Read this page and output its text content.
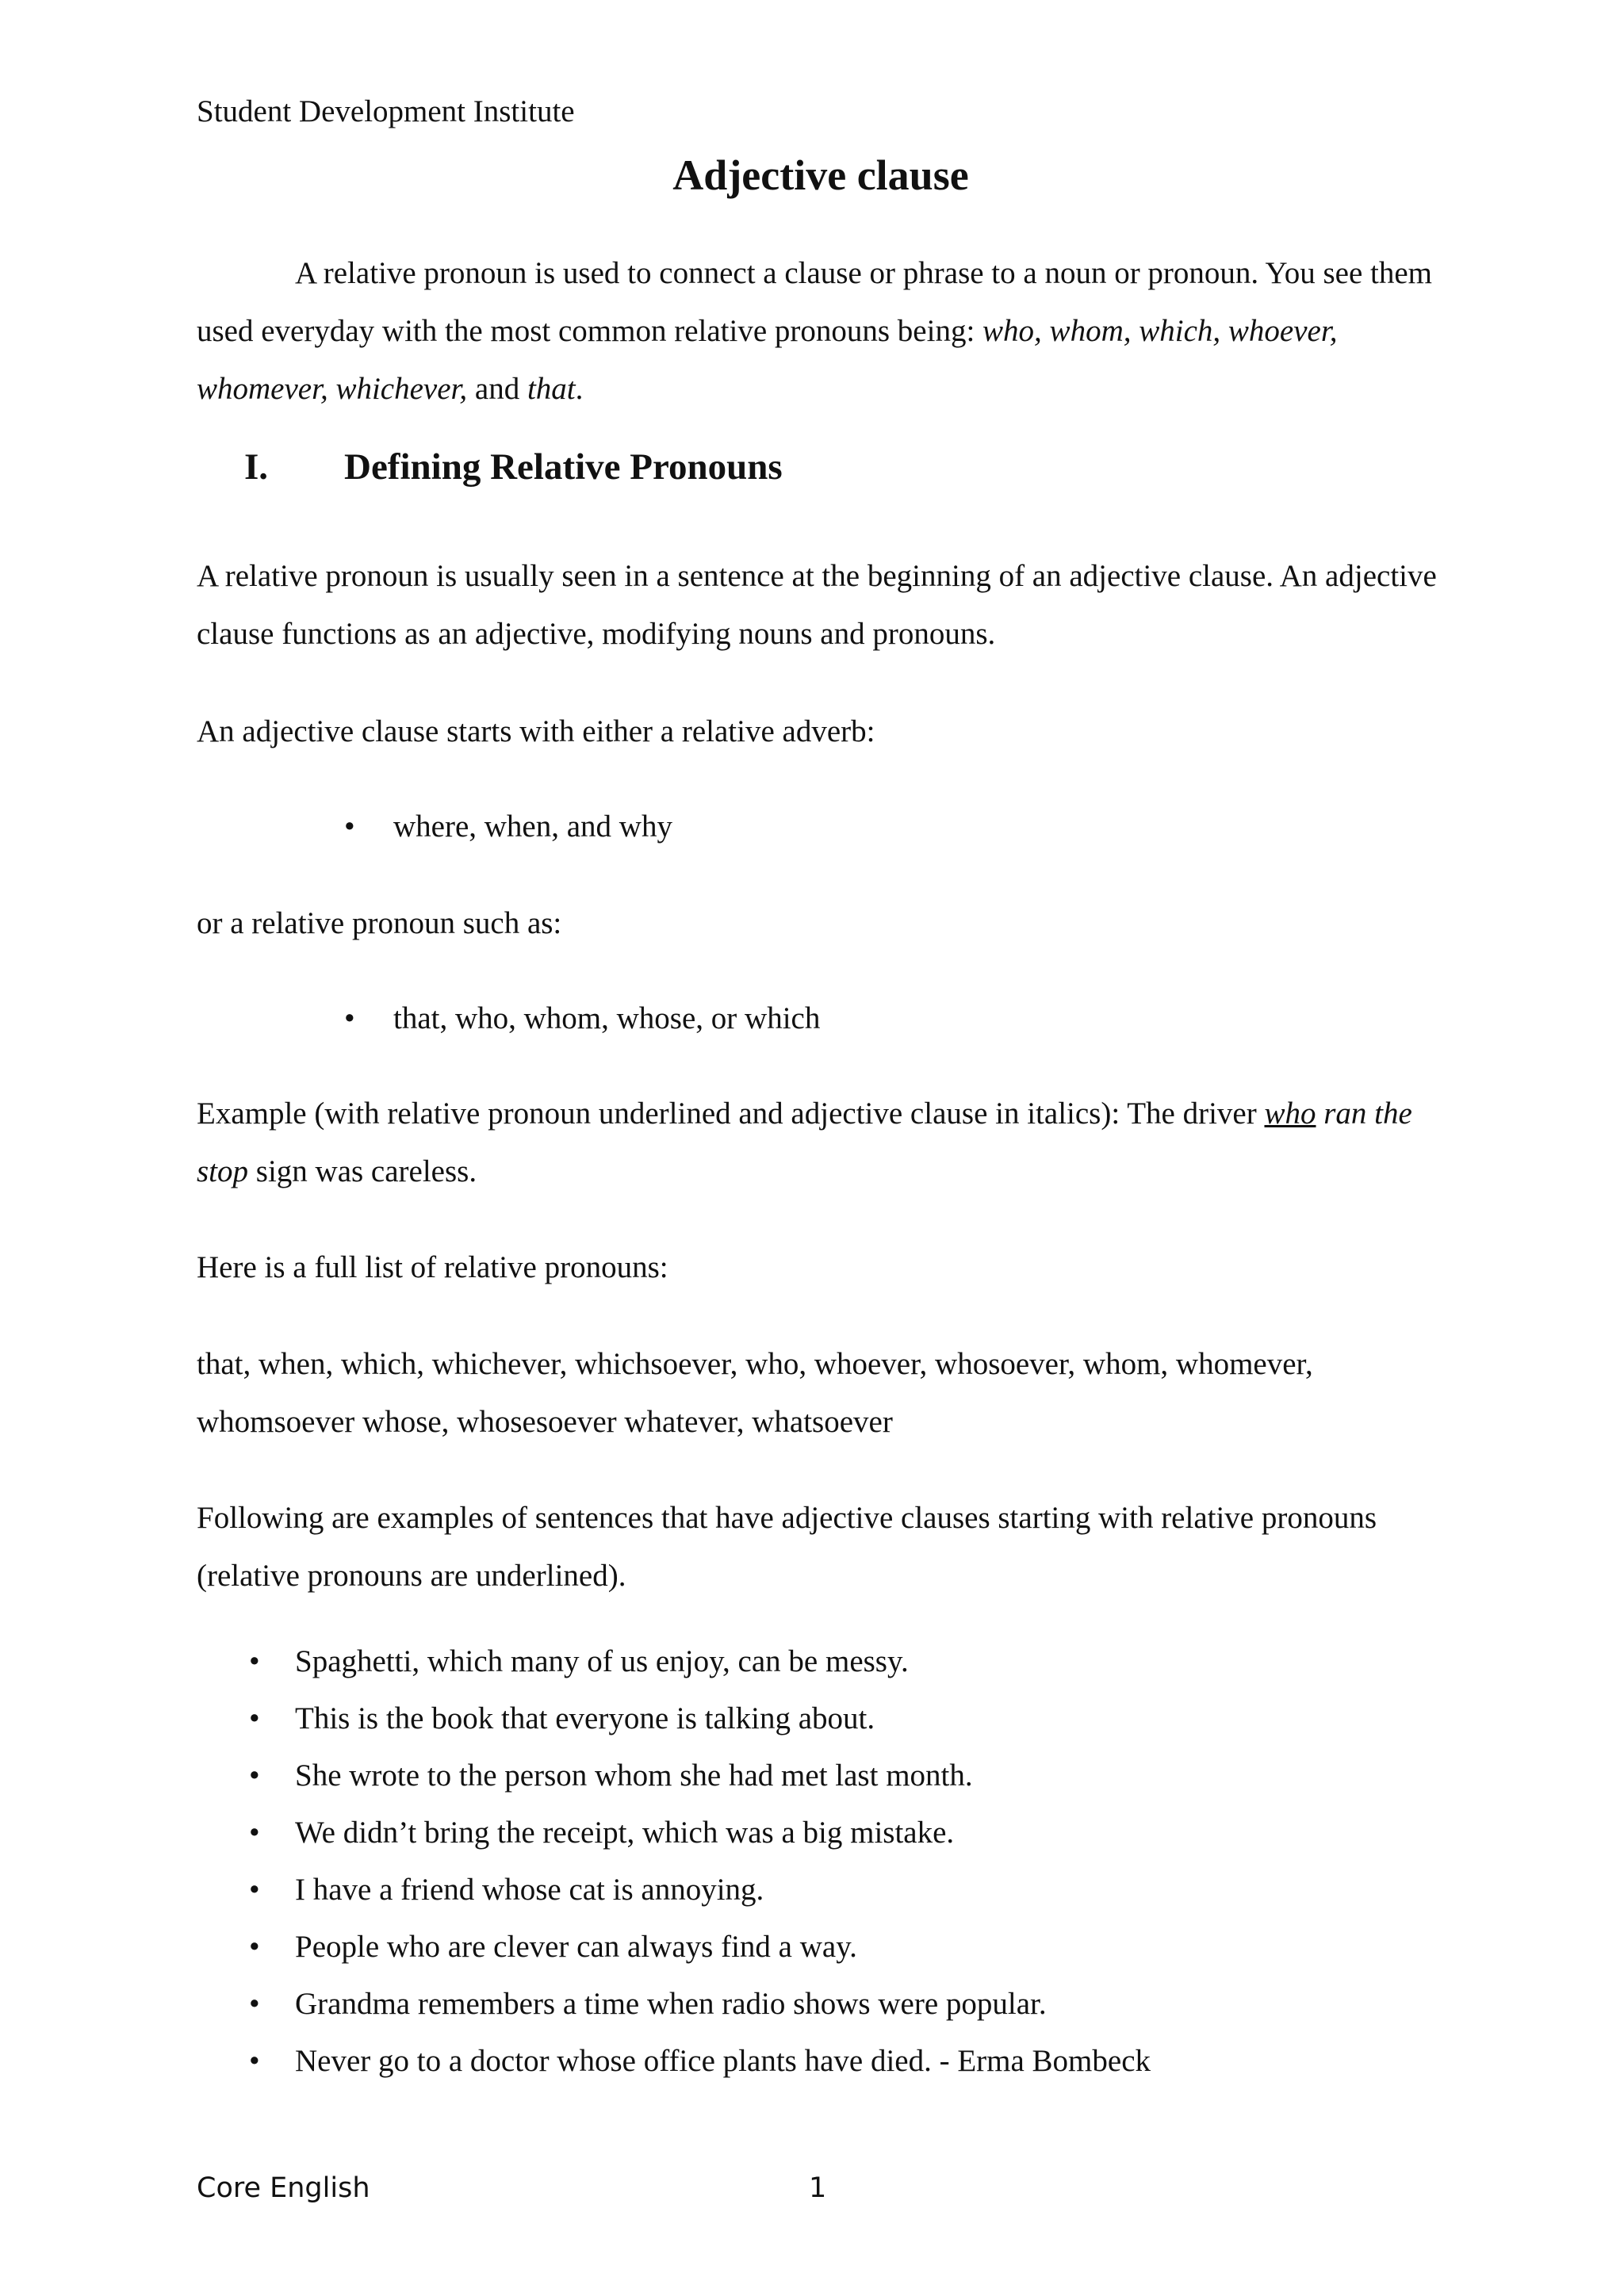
Student Development Institute
Adjective clause
A relative pronoun is used to connect a clause or phrase to a noun or pronoun. You see them used everyday with the most common relative pronouns being: who, whom, which, whoever, whomever, whichever, and that.
I. Defining Relative Pronouns
A relative pronoun is usually seen in a sentence at the beginning of an adjective clause. An adjective clause functions as an adjective, modifying nouns and pronouns.
An adjective clause starts with either a relative adverb:
• where, when, and why
or a relative pronoun such as:
• that, who, whom, whose, or which
Example (with relative pronoun underlined and adjective clause in italics): The driver who ran the stop sign was careless.
Here is a full list of relative pronouns:
that, when, which, whichever, whichsoever, who, whoever, whosoever, whom, whomever, whomsoever whose, whosesoever whatever, whatsoever
Following are examples of sentences that have adjective clauses starting with relative pronouns (relative pronouns are underlined).
• Spaghetti, which many of us enjoy, can be messy.
• This is the book that everyone is talking about.
• She wrote to the person whom she had met last month.
• We didn’t bring the receipt, which was a big mistake.
• I have a friend whose cat is annoying.
• People who are clever can always find a way.
• Grandma remembers a time when radio shows were popular.
• Never go to a doctor whose office plants have died. - Erma Bombeck
Core English	1
